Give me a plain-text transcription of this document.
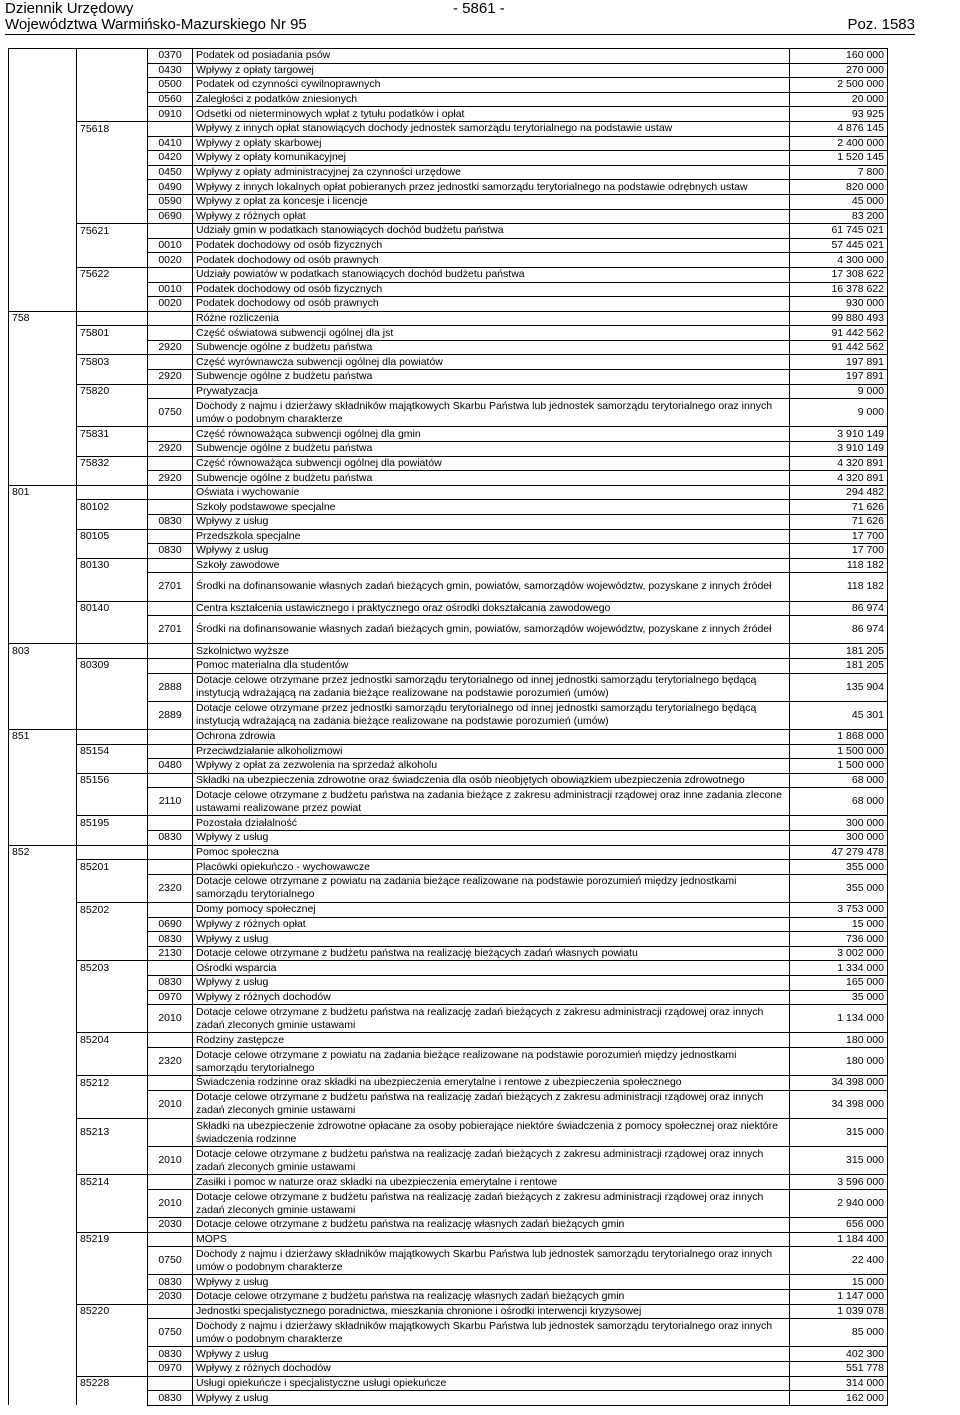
Dziennik Urzędowy
Województwa Warmińsko-Mazurskiego Nr 95
- 5861 -
Poz. 1583
		0370	Podatek od posiadania psów	160 000
		0430	Wpływy z opłaty targowej	270 000
		0500	Podatek od czynności cywilnoprawnych	2 500 000
		0560	Zaległości z podatków zniesionych	20 000
		0910	Odsetki od nieterminowych wpłat z tytułu podatków i opłat	93 925
	75618		Wpływy z innych opłat stanowiących dochody jednostek samorządu terytorialnego na podstawie ustaw	4 876 145
		0410	Wpływy z opłaty skarbowej	2 400 000
		0420	Wpływy z opłaty komunikacyjnej	1 520 145
		0450	Wpływy z opłaty administracyjnej za czynności urzędowe	7 800
		0490	Wpływy z innych lokalnych opłat pobieranych przez jednostki samorządu terytorialnego na podstawie odrębnych ustaw	820 000
		0590	Wpływy z opłat za koncesje i licencje	45 000
		0690	Wpływy z różnych opłat	83 200
	75621		Udziały gmin w podatkach stanowiących dochód budżetu państwa	61 745 021
		0010	Podatek dochodowy od osób fizycznych	57 445 021
		0020	Podatek dochodowy od osób prawnych	4 300 000
	75622		Udziały powiatów w podatkach stanowiących dochód budżetu państwa	17 308 622
		0010	Podatek dochodowy od osób fizycznych	16 378 622
		0020	Podatek dochodowy od osób prawnych	930 000
758			Różne rozliczenia	99 880 493
	75801		Część oświatowa subwencji ogólnej dla jst	91 442 562
		2920	Subwencje ogólne z budżetu państwa	91 442 562
	75803		Część wyrównawcza subwencji ogólnej dla powiatów	197 891
		2920	Subwencje ogólne z budżetu państwa	197 891
	75820		Prywatyzacja	9 000
		0750	Dochody z najmu i dzierżawy składników majątkowych Skarbu Państwa lub jednostek samorządu terytorialnego oraz innych umów o podobnym charakterze	9 000
	75831		Część równoważąca subwencji ogólnej dla gmin	3 910 149
		2920	Subwencje ogólne z budżetu państwa	3 910 149
	75832		Część równoważąca subwencji ogólnej dla powiatów	4 320 891
		2920	Subwencje ogólne z budżetu państwa	4 320 891
801			Oświata i wychowanie	294 482
	80102		Szkoły podstawowe specjalne	71 626
		0830	Wpływy z usług	71 626
	80105		Przedszkola specjalne	17 700
		0830	Wpływy z usług	17 700
	80130		Szkoły zawodowe	118 182
		2701	Środki na dofinansowanie własnych zadań bieżących gmin, powiatów, samorządów województw, pozyskane z innych źródeł	118 182
	80140		Centra kształcenia ustawicznego i praktycznego oraz ośrodki dokształcania zawodowego	86 974
		2701	Środki na dofinansowanie własnych zadań bieżących gmin, powiatów, samorządów województw, pozyskane z innych źródeł	86 974
803			Szkolnictwo wyższe	181 205
	80309		Pomoc materialna dla studentów	181 205
		2888	Dotacje celowe otrzymane przez jednostki samorządu terytorialnego od innej jednostki samorządu terytorialnego będącą instytucją wdrażającą na zadania bieżące realizowane na podstawie porozumień (umów)	135 904
		2889	Dotacje celowe otrzymane przez jednostki samorządu terytorialnego od innej jednostki samorządu terytorialnego będącą instytucją wdrażającą na zadania bieżące realizowane na podstawie porozumień (umów)	45 301
851			Ochrona zdrowia	1 868 000
	85154		Przeciwdziałanie alkoholizmowi	1 500 000
		0480	Wpływy z opłat za zezwolenia na sprzedaż alkoholu	1 500 000
	85156		Składki na ubezpieczenia zdrowotne oraz świadczenia dla osób nieobjętych obowiązkiem ubezpieczenia zdrowotnego	68 000
		2110	Dotacje celowe otrzymane z budżetu państwa na zadania bieżące z zakresu administracji rządowej oraz inne zadania zlecone ustawami realizowane przez powiat	68 000
	85195		Pozostała działalność	300 000
		0830	Wpływy z usług	300 000
852			Pomoc społeczna	47 279 478
	85201		Placówki opiekuńczo - wychowawcze	355 000
		2320	Dotacje celowe otrzymane z powiatu na zadania bieżące realizowane na podstawie porozumień między jednostkami samorządu terytorialnego	355 000
	85202		Domy pomocy społecznej	3 753 000
		0690	Wpływy z różnych opłat	15 000
		0830	Wpływy z usług	736 000
		2130	Dotacje celowe otrzymane z budżetu państwa na realizację bieżących zadań własnych powiatu	3 002 000
	85203		Ośrodki wsparcia	1 334 000
		0830	Wpływy z usług	165 000
		0970	Wpływy z różnych dochodów	35 000
		2010	Dotacje celowe otrzymane z budżetu państwa na realizację zadań bieżących z zakresu administracji rządowej oraz innych zadań zleconych gminie ustawami	1 134 000
	85204		Rodziny zastępcze	180 000
		2320	Dotacje celowe otrzymane z powiatu na zadania bieżące realizowane na podstawie porozumień między jednostkami samorządu terytorialnego	180 000
	85212		Świadczenia rodzinne oraz składki na ubezpieczenia emerytalne i rentowe z ubezpieczenia społecznego	34 398 000
		2010	Dotacje celowe otrzymane z budżetu państwa na realizację zadań bieżących z zakresu administracji rządowej oraz innych zadań zleconych gminie ustawami	34 398 000
	85213		Składki na ubezpieczenie zdrowotne opłacane za osoby pobierające niektóre świadczenia z pomocy społecznej oraz niektóre świadczenia rodzinne	315 000
		2010	Dotacje celowe otrzymane z budżetu państwa na realizację zadań bieżących z zakresu administracji rządowej oraz innych zadań zleconych gminie ustawami	315 000
	85214		Zasiłki i pomoc w naturze oraz składki na ubezpieczenia emerytalne i rentowe	3 596 000
		2010	Dotacje celowe otrzymane z budżetu państwa na realizację zadań bieżących z zakresu administracji rządowej oraz innych zadań zleconych gminie ustawami	2 940 000
		2030	Dotacje celowe otrzymane z budżetu państwa na realizację własnych zadań bieżących gmin	656 000
	85219		MOPS	1 184 400
		0750	Dochody z najmu i dzierżawy składników majątkowych Skarbu Państwa lub jednostek samorządu terytorialnego oraz innych umów o podobnym charakterze	22 400
		0830	Wpływy z usług	15 000
		2030	Dotacje celowe otrzymane z budżetu państwa na realizację własnych zadań bieżących gmin	1 147 000
	85220		Jednostki specjalistycznego poradnictwa, mieszkania chronione i ośrodki interwencji kryzysowej	1 039 078
		0750	Dochody z najmu i dzierżawy składników majątkowych Skarbu Państwa lub jednostek samorządu terytorialnego oraz innych umów o podobnym charakterze	85 000
		0830	Wpływy z usług	402 300
		0970	Wpływy z różnych dochodów	551 778
	85228		Usługi opiekuńcze i specjalistyczne usługi opiekuńcze	314 000
		0830	Wpływy z usług	162 000
